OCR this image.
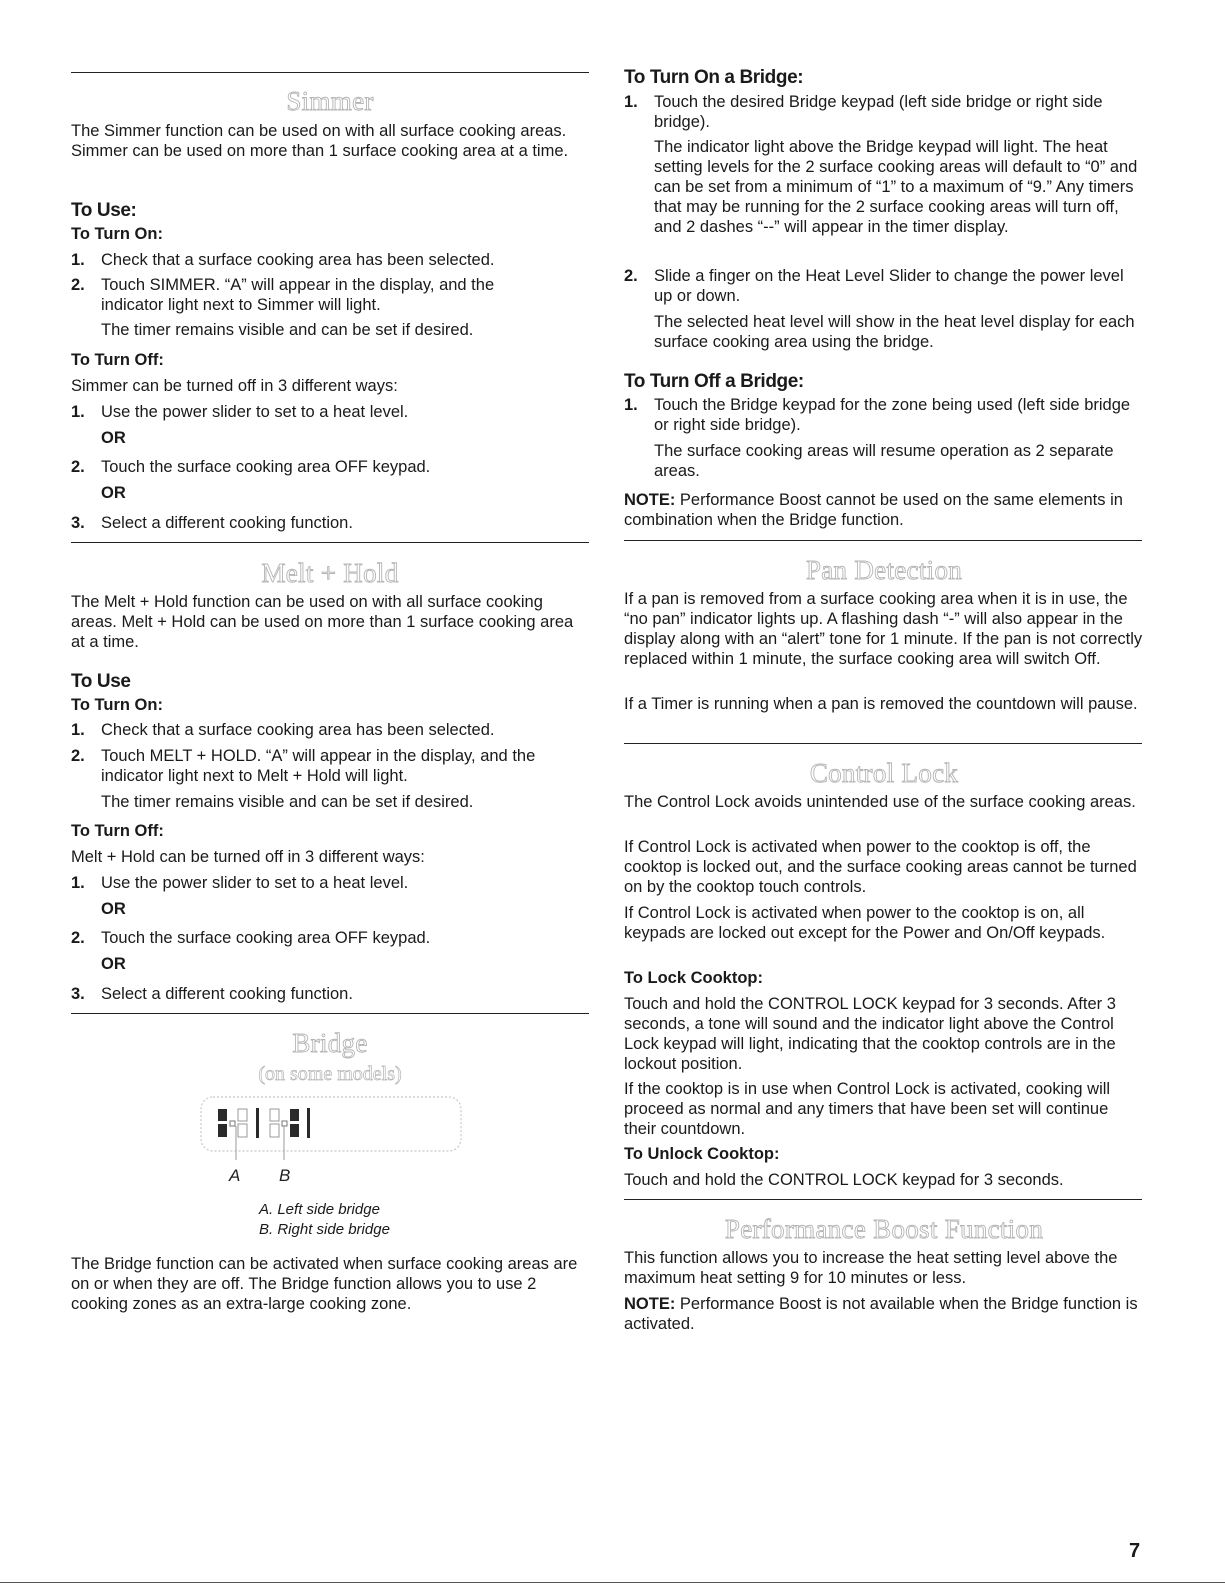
Simmer
The Simmer function can be used on with all surface cooking areas. Simmer can be used on more than 1 surface cooking area at a time.
To Use:
To Turn On:
1. Check that a surface cooking area has been selected.
2. Touch SIMMER. “A” will appear in the display, and the indicator light next to Simmer will light.
The timer remains visible and can be set if desired.
To Turn Off:
Simmer can be turned off in 3 different ways:
1. Use the power slider to set to a heat level.
OR
2. Touch the surface cooking area OFF keypad.
OR
3. Select a different cooking function.
Melt + Hold
The Melt + Hold function can be used on with all surface cooking areas. Melt + Hold can be used on more than 1 surface cooking area at a time.
To Use
To Turn On:
1. Check that a surface cooking area has been selected.
2. Touch MELT + HOLD. “A” will appear in the display, and the indicator light next to Melt + Hold will light.
The timer remains visible and can be set if desired.
To Turn Off:
Melt + Hold can be turned off in 3 different ways:
1. Use the power slider to set to a heat level.
OR
2. Touch the surface cooking area OFF keypad.
OR
3. Select a different cooking function.
Bridge
(on some models)
A B
A. Left side bridge
B. Right side bridge
The Bridge function can be activated when surface cooking areas are on or when they are off. The Bridge function allows you to use 2 cooking zones as an extra-large cooking zone.
To Turn On a Bridge:
1. Touch the desired Bridge keypad (left side bridge or right side bridge).
The indicator light above the Bridge keypad will light. The heat setting levels for the 2 surface cooking areas will default to “0” and can be set from a minimum of “1” to a maximum of “9.” Any timers that may be running for the 2 surface cooking areas will turn off, and 2 dashes “--” will appear in the timer display.
2. Slide a finger on the Heat Level Slider to change the power level up or down.
The selected heat level will show in the heat level display for each surface cooking area using the bridge.
To Turn Off a Bridge:
1. Touch the Bridge keypad for the zone being used (left side bridge or right side bridge).
The surface cooking areas will resume operation as 2 separate areas.
NOTE: Performance Boost cannot be used on the same elements in combination when the Bridge function.
Pan Detection
If a pan is removed from a surface cooking area when it is in use, the “no pan” indicator lights up. A flashing dash “-” will also appear in the display along with an “alert” tone for 1 minute. If the pan is not correctly replaced within 1 minute, the surface cooking area will switch Off.
If a Timer is running when a pan is removed the countdown will pause.
Control Lock
The Control Lock avoids unintended use of the surface cooking areas.
If Control Lock is activated when power to the cooktop is off, the cooktop is locked out, and the surface cooking areas cannot be turned on by the cooktop touch controls.
If Control Lock is activated when power to the cooktop is on, all keypads are locked out except for the Power and On/Off keypads.
To Lock Cooktop:
Touch and hold the CONTROL LOCK keypad for 3 seconds. After 3 seconds, a tone will sound and the indicator light above the Control Lock keypad will light, indicating that the cooktop controls are in the lockout position.
If the cooktop is in use when Control Lock is activated, cooking will proceed as normal and any timers that have been set will continue their countdown.
To Unlock Cooktop:
Touch and hold the CONTROL LOCK keypad for 3 seconds.
Performance Boost Function
This function allows you to increase the heat setting level above the maximum heat setting 9 for 10 minutes or less.
NOTE: Performance Boost is not available when the Bridge function is activated.
7
